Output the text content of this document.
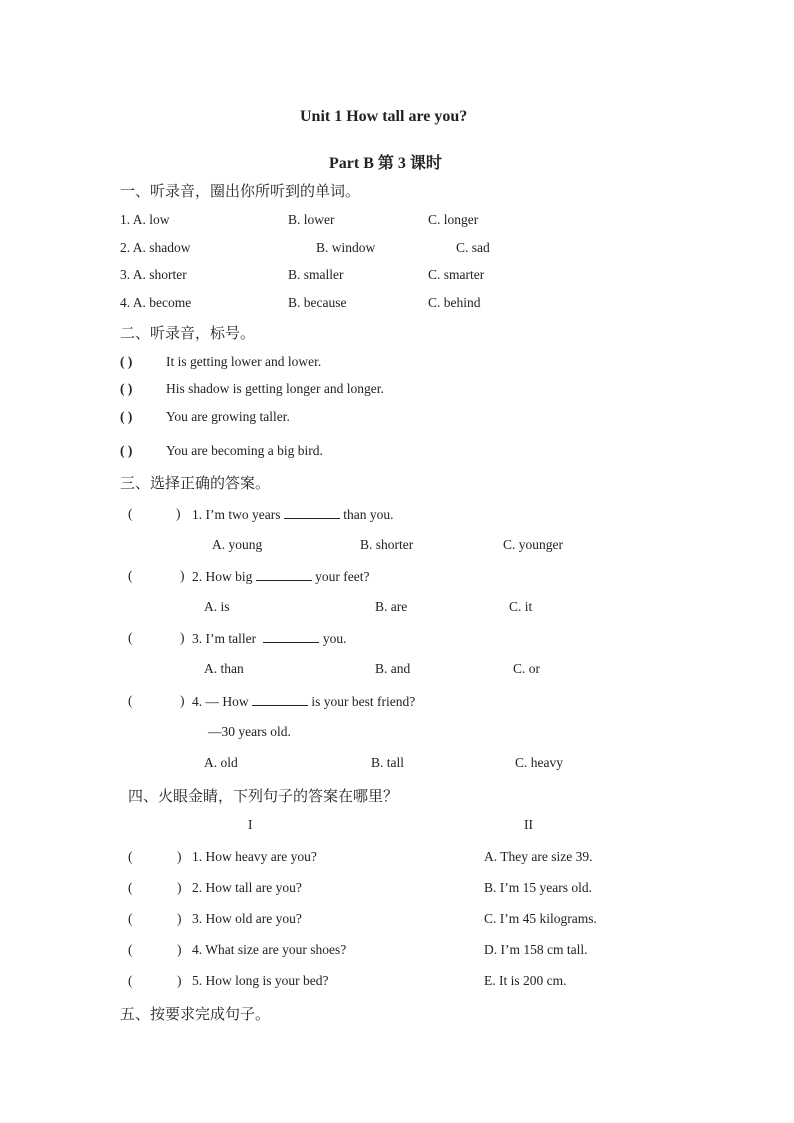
Unit 1 How tall are you?
Part B 第 3 课时
一、听录音，圈出你所听到的单词。
1. A. low	B. lower	C. longer
2. A. shadow	B. window	C. sad
3. A. shorter	B. smaller	C. smarter
4. A. become	B. because	C. behind
二、听录音，标号。
( ) It is getting lower and lower.
( ) His shadow is getting longer and longer.
( ) You are growing taller.
( ) You are becoming a big bird.
三、选择正确的答案。
(	) 1. I’m two years	than you.
A. young	B. shorter	C. younger
(	) 2. How big	your feet?
A. is	B. are	C. it
(	) 3. I’m taller	you.
A. than	B. and	C. or
(	) 4. — How	is your best friend?
—30 years old.
A. old	B. tall	C. heavy
四、火眼金睛，下列句子的答案在哪里？
I	II
(	) 1. How heavy are you?	A. They are size 39.
(	) 2. How tall are you?	B. I’m 15 years old.
(	) 3. How old are you?	C. I’m 45 kilograms.
(	) 4. What size are your shoes?	D. I’m 158 cm tall.
(	) 5. How long is your bed?	E. It is 200 cm.
五、按要求完成句子。
